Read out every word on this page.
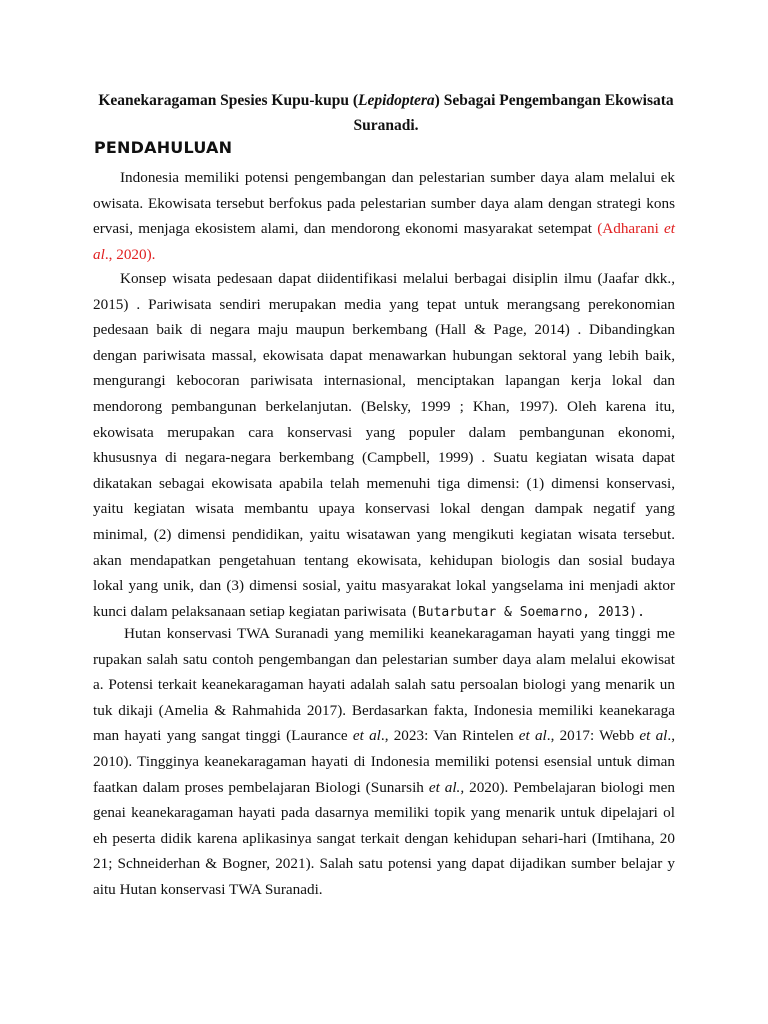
Keanekaragaman Spesies Kupu-kupu (Lepidoptera) Sebagai Pengembangan Ekowisata
Suranadi.
PENDAHULUAN
Indonesia memiliki potensi pengembangan dan pelestarian sumber daya alam melalui ek
owisata. Ekowisata tersebut berfokus pada pelestarian sumber daya alam dengan strategi kons
ervasi, menjaga ekosistem alami, dan mendorong ekonomi masyarakat setempat (Adharani et
al., 2020).
Konsep wisata pedesaan dapat diidentifikasi melalui berbagai disiplin ilmu (Jaafar dkk.,
2015) . Pariwisata sendiri merupakan media yang tepat untuk merangsang perekonomian
pedesaan baik di negara maju maupun berkembang (Hall & Page, 2014) . Dibandingkan
dengan pariwisata massal, ekowisata dapat menawarkan hubungan sektoral yang lebih baik,
mengurangi kebocoran pariwisata internasional, menciptakan lapangan kerja lokal dan
mendorong pembangunan berkelanjutan. (Belsky, 1999 ; Khan, 1997). Oleh karena itu,
ekowisata merupakan cara konservasi yang populer dalam pembangunan ekonomi,
khususnya di negara-negara berkembang (Campbell, 1999) . Suatu kegiatan wisata dapat
dikatakan sebagai ekowisata apabila telah memenuhi tiga dimensi: (1) dimensi konservasi,
yaitu kegiatan wisata membantu upaya konservasi lokal dengan dampak negatif yang
minimal, (2) dimensi pendidikan, yaitu wisatawan yang mengikuti kegiatan wisata tersebut.
akan mendapatkan pengetahuan tentang ekowisata, kehidupan biologis dan sosial budaya
lokal yang unik, dan (3) dimensi sosial, yaitu masyarakat lokal yangselama ini menjadi aktor
kunci dalam pelaksanaan setiap kegiatan pariwisata (Butarbutar & Soemarno, 2013).
Hutan konservasi TWA Suranadi yang memiliki keanekaragaman hayati yang tinggi me
rupakan salah satu contoh pengembangan dan pelestarian sumber daya alam melalui ekowisat
a. Potensi terkait keanekaragaman hayati adalah salah satu persoalan biologi yang menarik un
tuk dikaji (Amelia & Rahmahida 2017). Berdasarkan fakta, Indonesia memiliki keanekaraga
man hayati yang sangat tinggi (Laurance et al., 2023: Van Rintelen et al., 2017: Webb et al.,
2010). Tingginya keanekaragaman hayati di Indonesia memiliki potensi esensial untuk diman
faatkan dalam proses pembelajaran Biologi (Sunarsih et al., 2020). Pembelajaran biologi men
genai keanekaragaman hayati pada dasarnya memiliki topik yang menarik untuk dipelajari ol
eh peserta didik karena aplikasinya sangat terkait dengan kehidupan sehari-hari (Imtihana, 20
21; Schneiderhan & Bogner, 2021). Salah satu potensi yang dapat dijadikan sumber belajar y
aitu Hutan konservasi TWA Suranadi.
